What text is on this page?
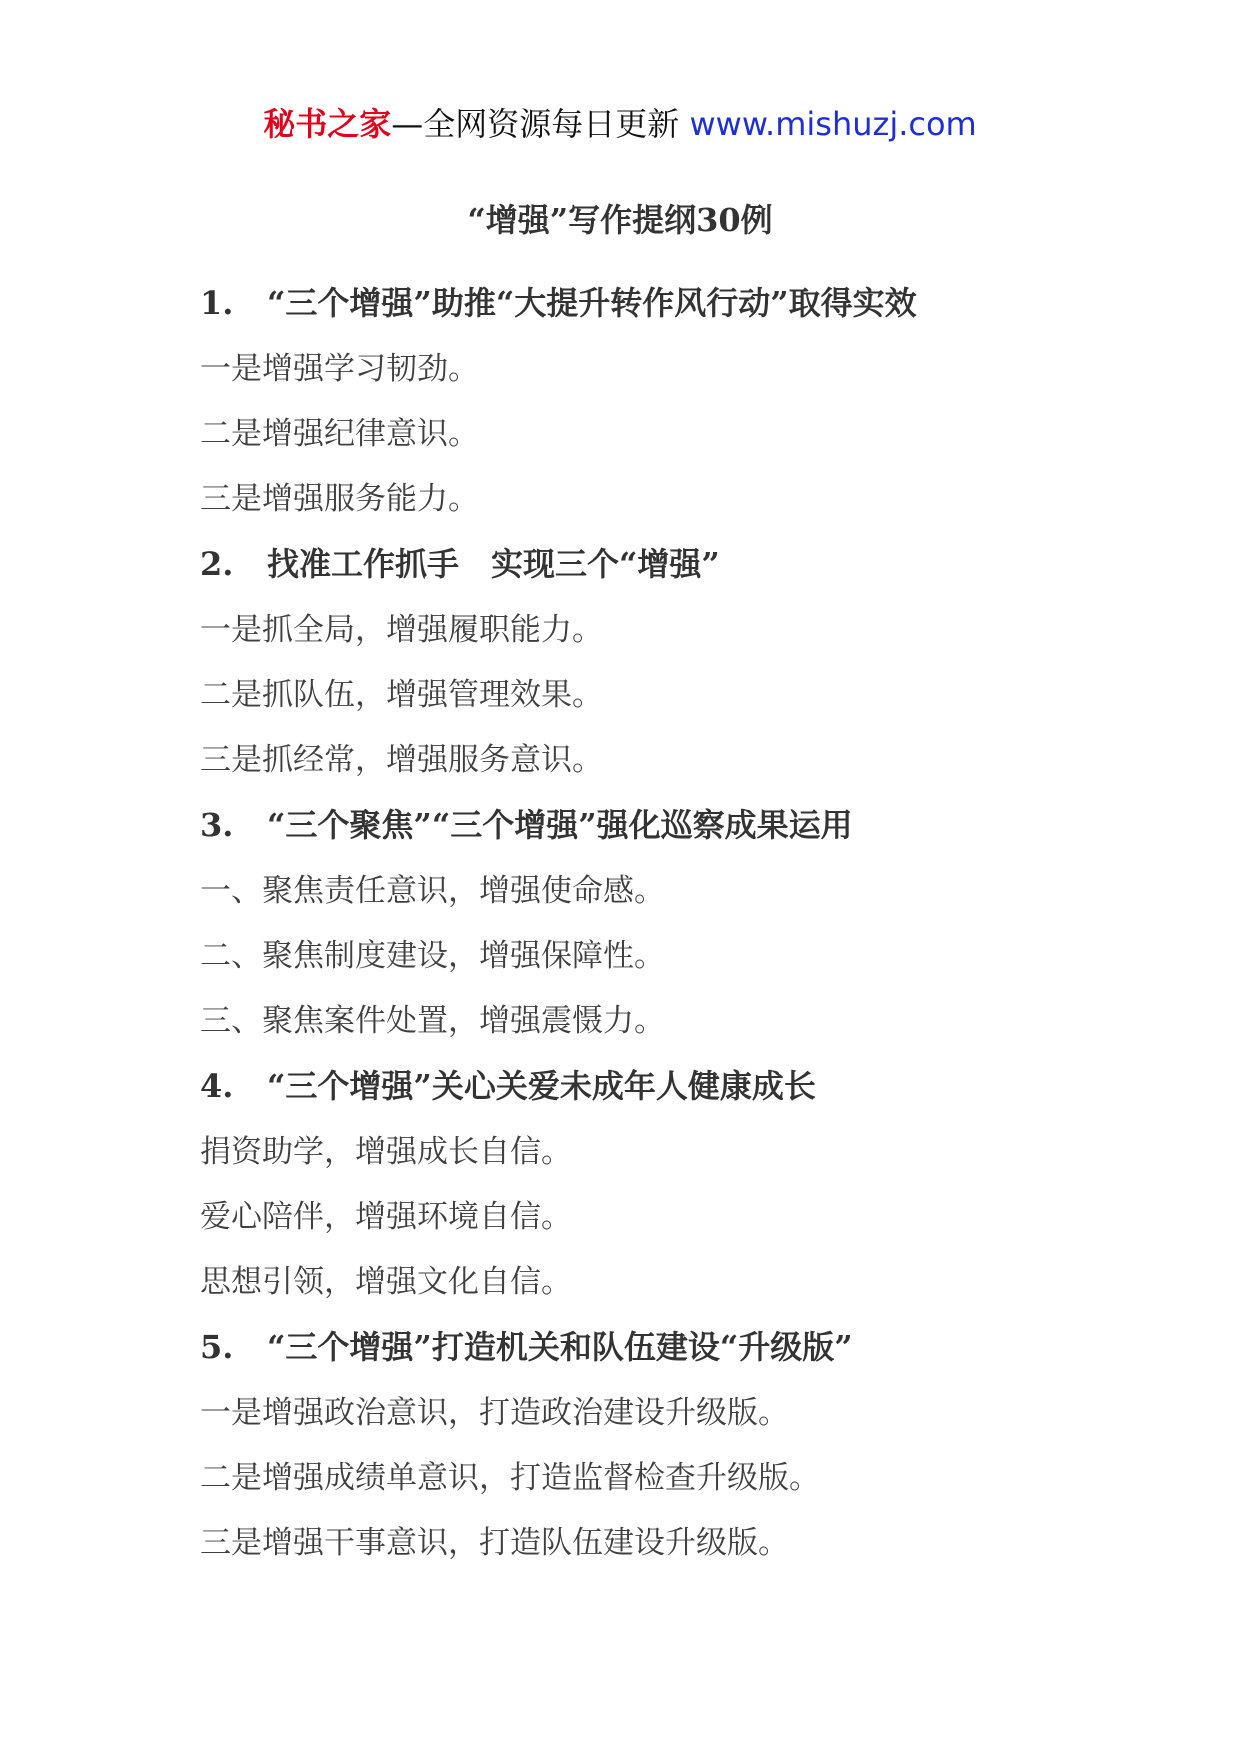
秘书之家—全网资源每日更新 www.mishuzj.com
“增强”写作提纲30例
1. “三个增强”助推“大提升转作风行动”取得实效
一是增强学习韧劲。
二是增强纪律意识。
三是增强服务能力。
2. 找准工作抓手　实现三个“增强”
一是抓全局，增强履职能力。
二是抓队伍，增强管理效果。
三是抓经常，增强服务意识。
3. “三个聚焦”“三个增强”强化巡察成果运用
一、聚焦责任意识，增强使命感。
二、聚焦制度建设，增强保障性。
三、聚焦案件处置，增强震慑力。
4. “三个增强”关心关爱未成年人健康成长
捐资助学，增强成长自信。
爱心陪伴，增强环境自信。
思想引领，增强文化自信。
5. “三个增强”打造机关和队伍建设“升级版”
一是增强政治意识，打造政治建设升级版。
二是增强成绩单意识，打造监督检查升级版。
三是增强干事意识，打造队伍建设升级版。
